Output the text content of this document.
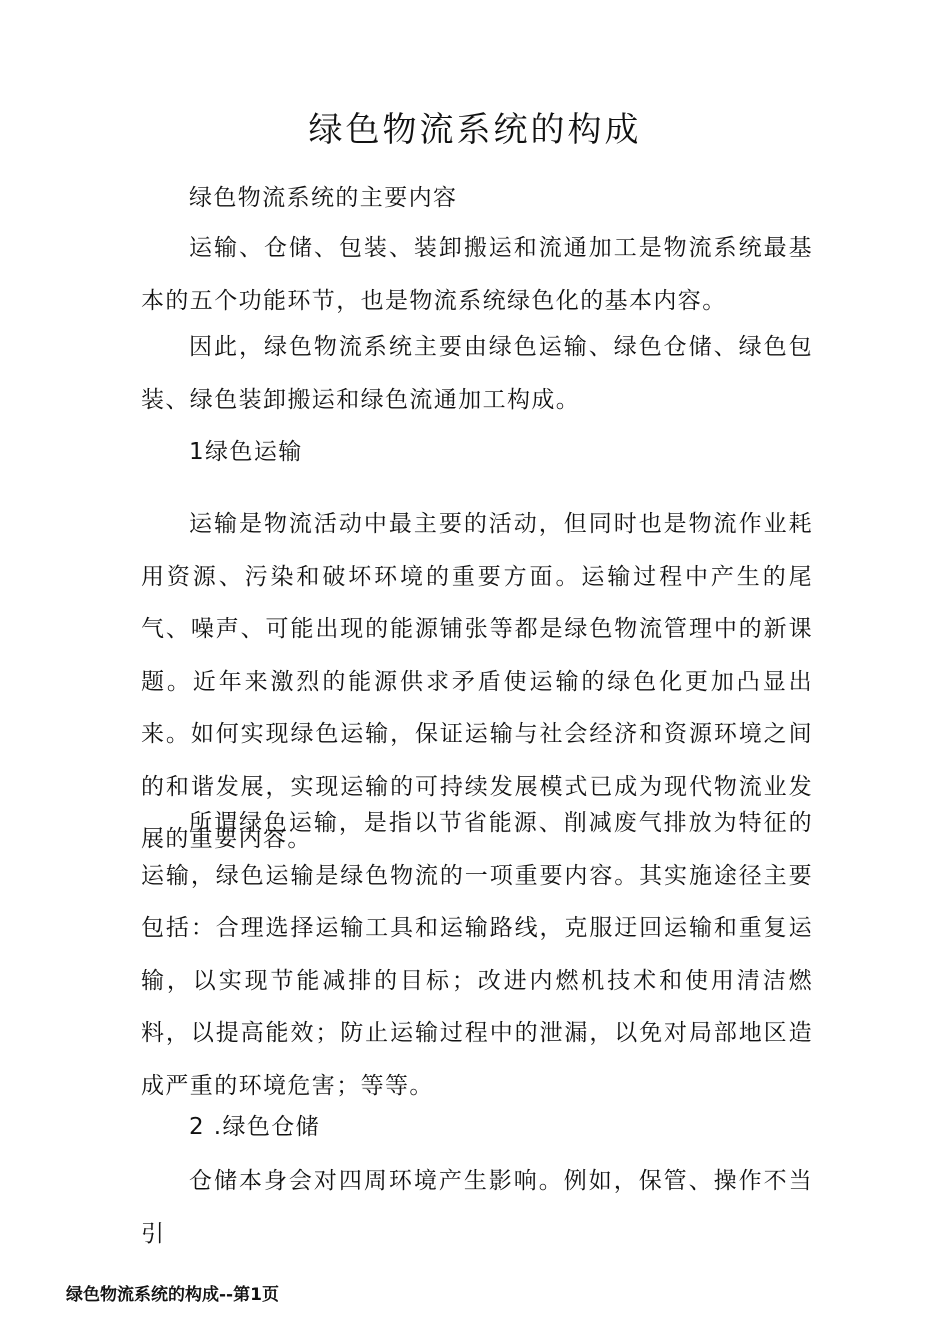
绿色物流系统的构成

绿色物流系统的主要内容

运输、仓储、包装、装卸搬运和流通加工是物流系统最基本的五个功能环节，也是物流系统绿色化的基本内容。

因此，绿色物流系统主要由绿色运输、绿色仓储、绿色包装、绿色装卸搬运和绿色流通加工构成。

1绿色运输

运输是物流活动中最主要的活动，但同时也是物流作业耗用资源、污染和破坏环境的重要方面。运输过程中产生的尾气、噪声、可能出现的能源铺张等都是绿色物流管理中的新课题。近年来激烈的能源供求矛盾使运输的绿色化更加凸显出来。如何实现绿色运输，保证运输与社会经济和资源环境之间的和谐发展，实现运输的可持续发展模式已成为现代物流业发展的重要内容。

所谓绿色运输，是指以节省能源、削减废气排放为特征的运输，绿色运输是绿色物流的一项重要内容。其实施途径主要包括：合理选择运输工具和运输路线，克服迂回运输和重复运输，以实现节能减排的目标；改进内燃机技术和使用清洁燃料，以提高能效；防止运输过程中的泄漏，以免对局部地区造成严重的环境危害；等等。

2 .绿色仓储

仓储本身会对四周环境产生影响。例如，保管、操作不当引

绿色物流系统的构成--第1页
